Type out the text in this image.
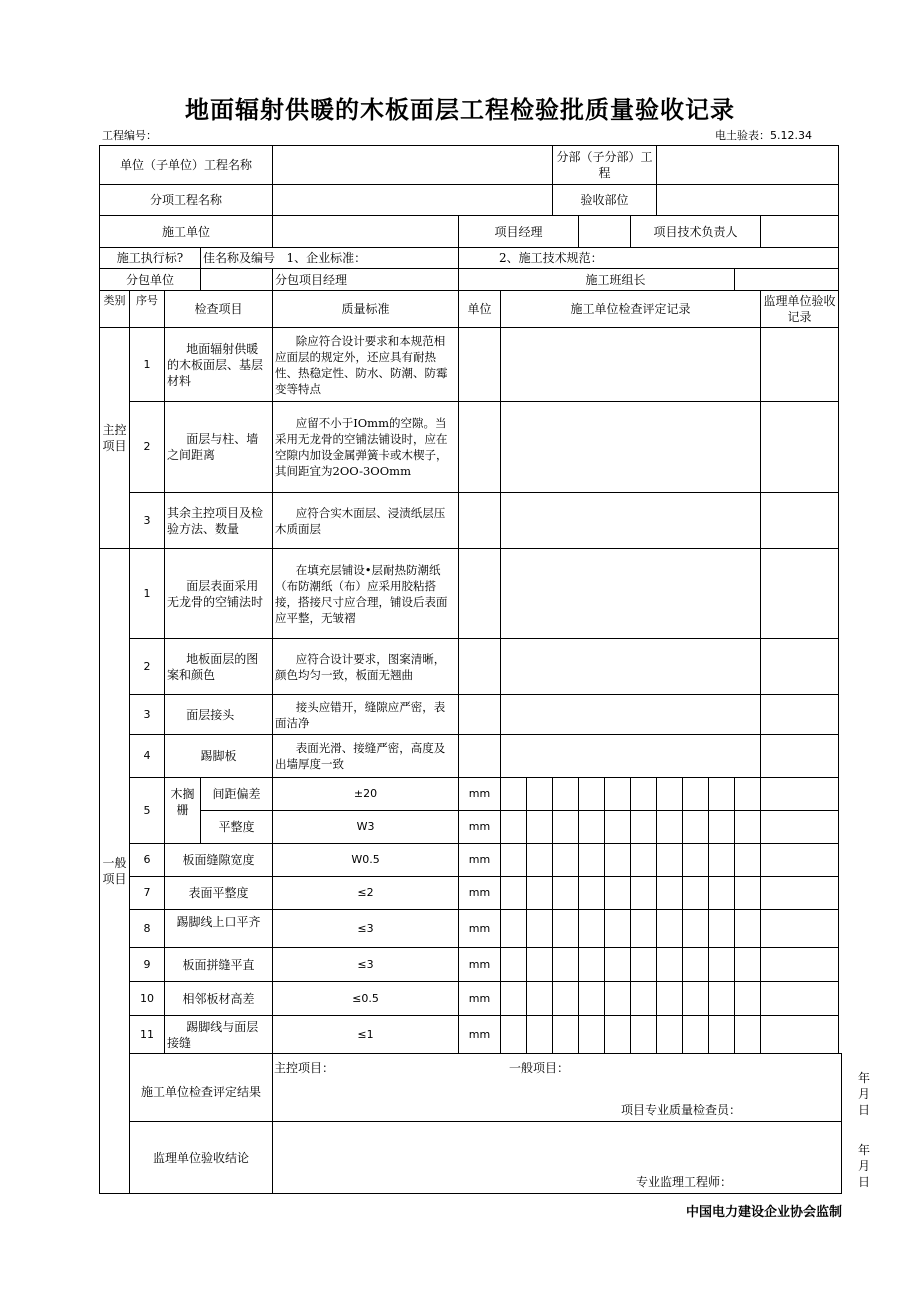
地面辐射供暖的木板面层工程检验批质量验收记录
工程编号：	电土验表：5.12.34
单位（子单位）工程名称								分部（子分部）工程								
分项工程名称								验收部位								
施工单位					项目经理						项目技术负责人					
施工执行标?			佳名称及编号 1、企业标准：		2、施工技术规范：											
分包单位				分包项目经理	施工班组长											
类别	序号	检查项目		质量标准	单位	施工单位检查评定记录										监理单位验收记录
主控项目	1	地面辐射供暖的木板面层、基层材料		除应符合设计要求和本规范相应面层的规定外，还应具有耐热性、热稳定性、防水、防潮、防霉变等特点												
	2	面层与柱、墙之间距离		应留不小于IOmm的空隙。当采用无龙骨的空铺法铺设时，应在空隙内加设金属弹簧卡或木楔子，其间距宜为2OO-3OOmm												
	3	其余主控项目及检验方法、数量		应符合实木面层、浸渍纸层压木质面层												
一般项目	1	面层表面采用无龙骨的空铺法时		在填充层铺设•层耐热防潮纸（布防潮纸（布）应采用胶粘搭接，搭接尺寸应合理，铺设后表面应平整，无皱褶												
	2	地板面层的图案和颜色		应符合设计要求，图案清晰，颜色均匀一致，板面无翘曲												
	3	面层接头		接头应错开，缝隙应严密，表面洁净												
	4	踢脚板		表面光滑、接缝严密，高度及出墙厚度一致												
	5	木搁栅	间距偏差	±20	mm											
			平整度	W3	mm											
	6	板面缝隙宽度		W0.5	mm											
	7	表面平整度		≤2	mm											
	8	踢脚线上口平齐		≤3	mm											
	9	板面拼缝平直		≤3	mm											
	10	相邻板材高差		≤0.5	mm											
	11	踢脚线与面层接缝		≤1	mm											
	施工单位检查评定结果			主控项目： 一般项目：
项目专业质量检查员：
年月日												

	监理单位验收结论			专业监理工程师：
年月日												
中国电力建设企业协会监制
